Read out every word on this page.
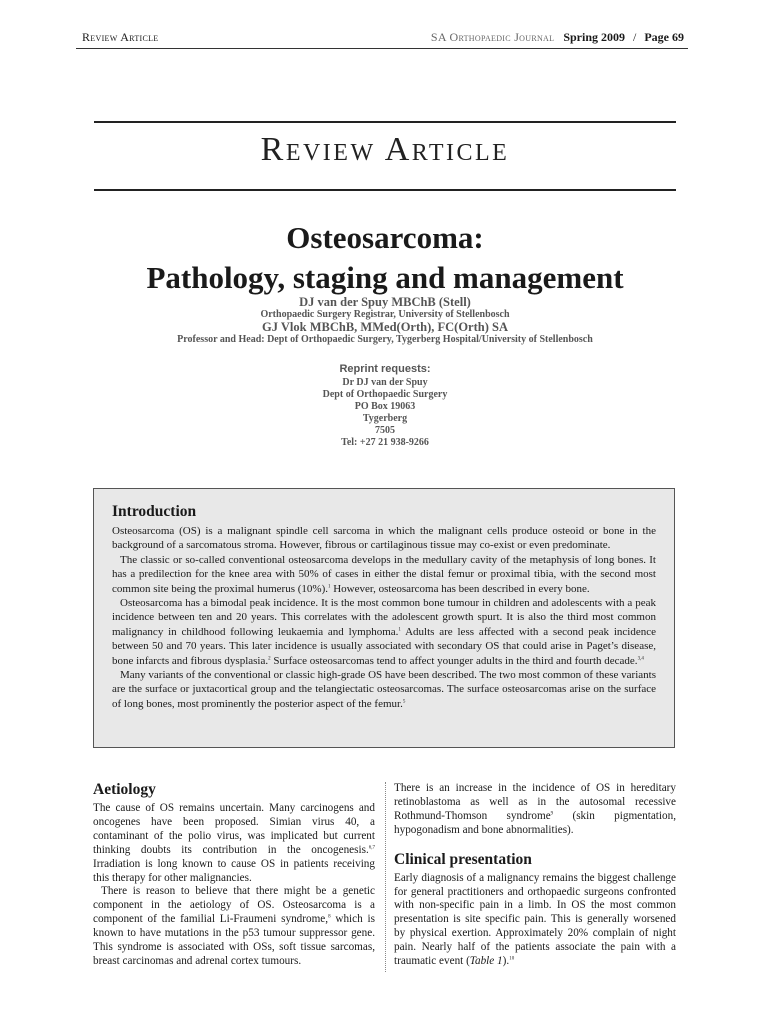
Review Article	SA Orthopaedic Journal Spring 2009 / Page 69
Review Article
Osteosarcoma:
Pathology, staging and management
DJ van der Spuy MBChB (Stell)
Orthopaedic Surgery Registrar, University of Stellenbosch
GJ Vlok MBChB, MMed(Orth), FC(Orth) SA
Professor and Head: Dept of Orthopaedic Surgery, Tygerberg Hospital/University of Stellenbosch
Reprint requests:
Dr DJ van der Spuy
Dept of Orthopaedic Surgery
PO Box 19063
Tygerberg
7505
Tel: +27 21 938-9266
Introduction

Osteosarcoma (OS) is a malignant spindle cell sarcoma in which the malignant cells produce osteoid or bone in the background of a sarcomatous stroma. However, fibrous or cartilaginous tissue may co-exist or even predominate.

The classic or so-called conventional osteosarcoma develops in the medullary cavity of the metaphysis of long bones. It has a predilection for the knee area with 50% of cases in either the distal femur or proximal tibia, with the second most common site being the proximal humerus (10%).$^1$ However, osteosarcoma has been described in every bone.

Osteosarcoma has a bimodal peak incidence. It is the most common bone tumour in children and adolescents with a peak incidence between ten and 20 years. This correlates with the adolescent growth spurt. It is also the third most common malignancy in childhood following leukaemia and lymphoma.$^1$ Adults are less affected with a second peak incidence between 50 and 70 years. This later incidence is usually associated with secondary OS that could arise in Paget’s disease, bone infarcts and fibrous dysplasia.$^2$ Surface osteosarcomas tend to affect younger adults in the third and fourth decade.$^{3,4}$

Many variants of the conventional or classic high-grade OS have been described. The two most common of these variants are the surface or juxtacortical group and the telangiectatic osteosarcomas. The surface osteosarcomas arise on the surface of long bones, most prominently the posterior aspect of the femur.$^5$

Aetiology

The cause of OS remains uncertain. Many carcinogens and oncogenes have been proposed. Simian virus 40, a contaminant of the polio virus, was implicated but current thinking doubts its contribution in the oncogenesis.$^{6,7}$ Irradiation is long known to cause OS in patients receiving this therapy for other malignancies.

There is reason to believe that there might be a genetic component in the aetiology of OS. Osteosarcoma is a component of the familial Li-Fraumeni syndrome,$^8$ which is known to have mutations in the p53 tumour suppressor gene. This syndrome is associated with OSs, soft tissue sarcomas, breast carcinomas and adrenal cortex tumours.

There is an increase in the incidence of OS in hereditary retinoblastoma as well as in the autosomal recessive Rothmund-Thomson syndrome$^9$ (skin pigmentation, hypogonadism and bone abnormalities).

Clinical presentation

Early diagnosis of a malignancy remains the biggest challenge for general practitioners and orthopaedic surgeons confronted with non-specific pain in a limb. In OS the most common presentation is site specific pain. This is generally worsened by physical exertion. Approximately 20% complain of night pain. Nearly half of the patients associate the pain with a traumatic event (Table 1).$^{10}$
